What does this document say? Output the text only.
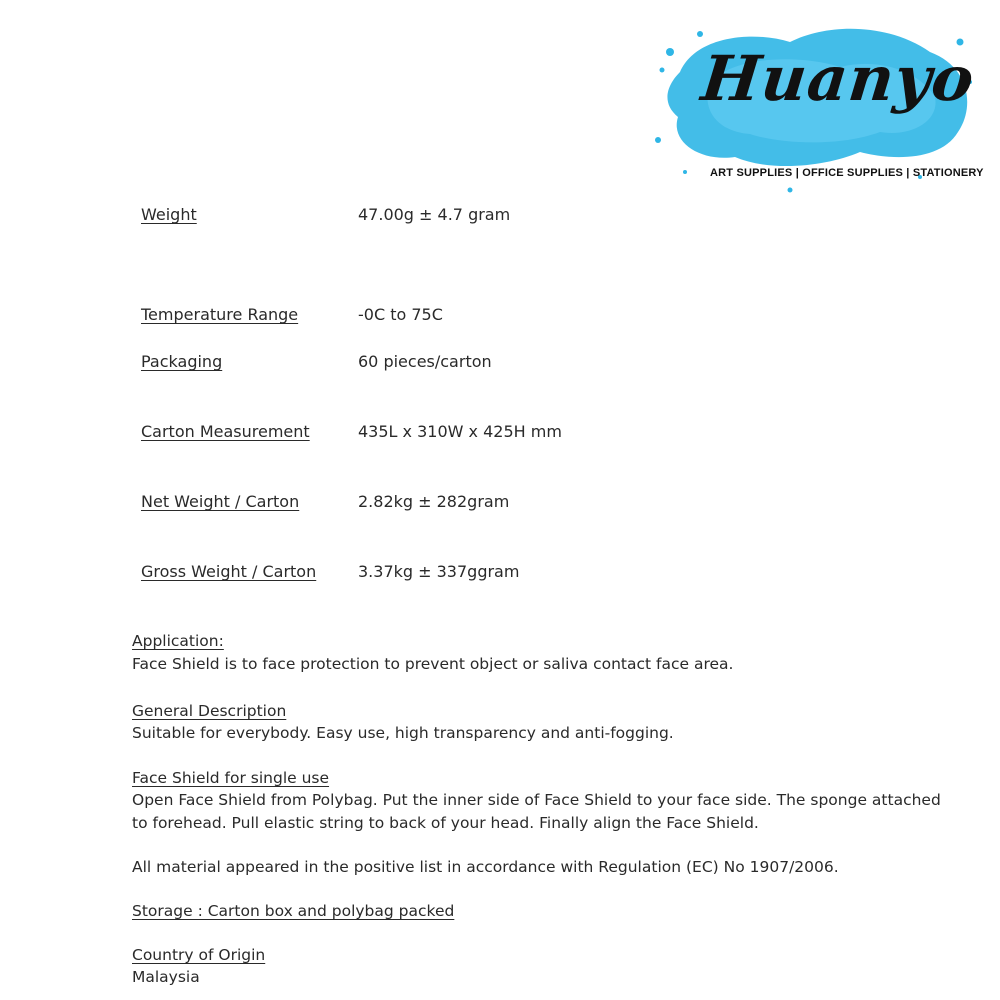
Huanyo
ART SUPPLIES | OFFICE SUPPLIES | STATIONERY
Weight	47.00g ± 4.7 gram
Temperature Range	-0C to 75C
Packaging	60 pieces/carton
Carton Measurement	435L x 310W x 425H mm
Net Weight / Carton	2.82kg ± 282gram
Gross Weight / Carton	3.37kg ± 337ggram
Application:
Face Shield is to face protection to prevent object or saliva contact face area.
General Description
Suitable for everybody. Easy use, high transparency and anti-fogging.
Face Shield for single use
Open Face Shield from Polybag. Put the inner side of Face Shield to your face side. The sponge attached
to forehead. Pull elastic string to back of your head. Finally align the Face Shield.
All material appeared in the positive list in accordance with Regulation (EC) No 1907/2006.
Storage : Carton box and polybag packed
Country of Origin
Malaysia
